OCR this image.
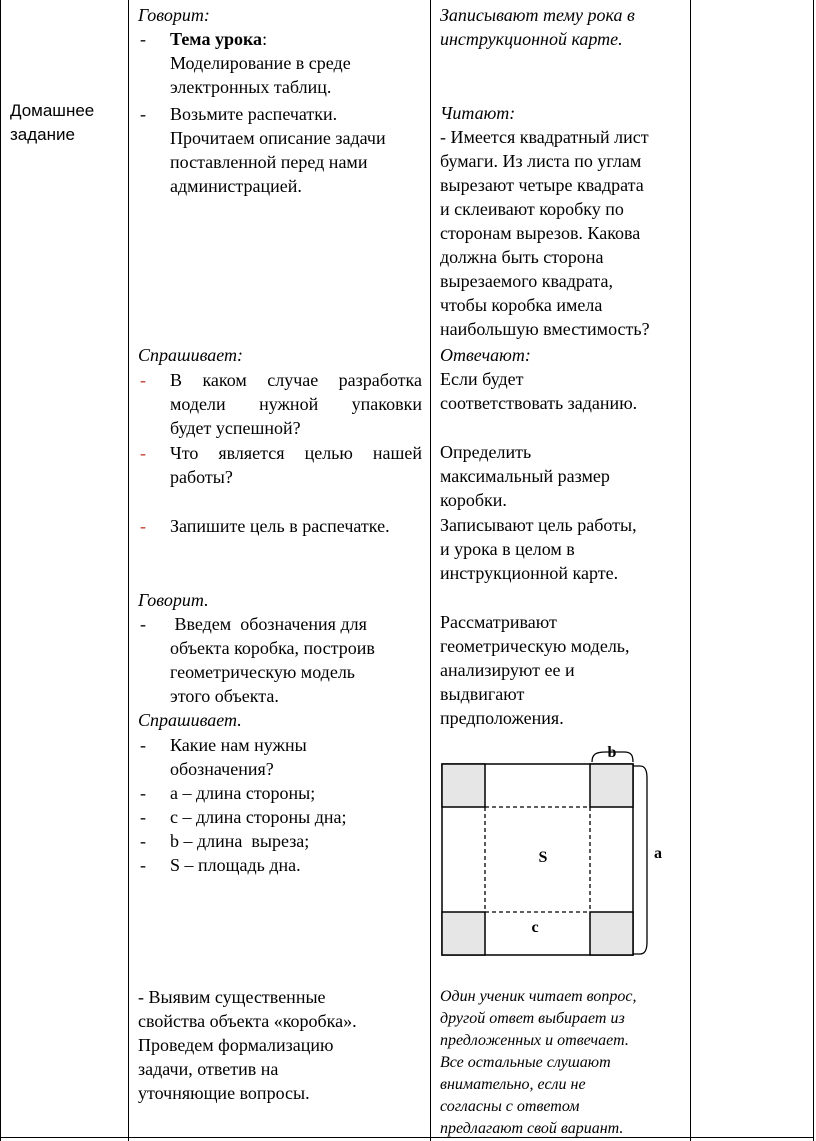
Домашнее
задание
Говорит:
- Тема урока:
Моделирование в среде
электронных таблиц.
- Возьмите распечатки.
Прочитаем описание задачи
поставленной перед нами
администрацией.
Спрашивает:
- В каком случае разработка
модели нужной упаковки
будет успешной?
- Что является целью нашей
работы?
- Запишите цель в распечатке.
Говорит.
- Введем  обозначения для
объекта коробка, построив
геометрическую модель
этого объекта.
Спрашивает.
- Какие нам нужны
обозначения?
- а – длина стороны;
- с – длина стороны дна;
- b – длина  выреза;
- S – площадь дна.
- Выявим существенные
свойства объекта «коробка».
Проведем формализацию
задачи, ответив на
уточняющие вопросы.
Записывают тему рока в
инструкционной карте.
Читают:
- Имеется квадратный лист
бумаги. Из листа по углам
вырезают четыре квадрата
и склеивают коробку по
сторонам вырезов. Какова
должна быть сторона
вырезаемого квадрата,
чтобы коробка имела
наибольшую вместимость?
Отвечают:
Если будет
соответствовать заданию.
Определить
максимальный размер
коробки.
Записывают цель работы,
и урока в целом в
инструкционной карте.
Рассматривают
геометрическую модель,
анализируют ее и
выдвигают
предположения.
b
a
S
c
Один ученик читает вопрос,
другой ответ выбирает из
предложенных и отвечает.
Все остальные слушают
внимательно, если не
согласны с ответом
предлагают свой вариант.
